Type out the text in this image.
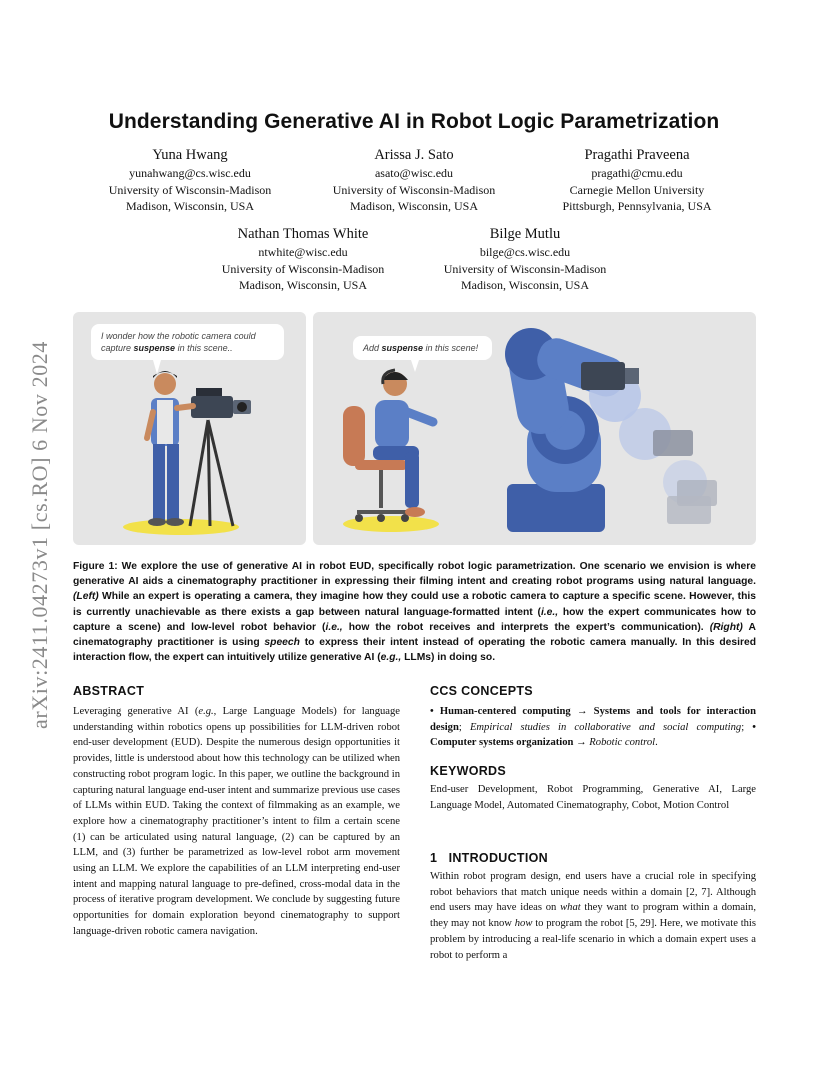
Understanding Generative AI in Robot Logic Parametrization
Yuna Hwang
yunahwang@cs.wisc.edu
University of Wisconsin-Madison
Madison, Wisconsin, USA
Arissa J. Sato
asato@wisc.edu
University of Wisconsin-Madison
Madison, Wisconsin, USA
Pragathi Praveena
pragathi@cmu.edu
Carnegie Mellon University
Pittsburgh, Pennsylvania, USA
Nathan Thomas White
ntwhite@wisc.edu
University of Wisconsin-Madison
Madison, Wisconsin, USA
Bilge Mutlu
bilge@cs.wisc.edu
University of Wisconsin-Madison
Madison, Wisconsin, USA
arXiv:2411.04273v1 [cs.RO] 6 Nov 2024
I wonder how the robotic camera could
capture suspense in this scene..	Add suspense in this scene!
Figure 1: We explore the use of generative AI in robot EUD, specifically robot logic parametrization. One scenario we envision is where generative AI aids a cinematography practitioner in expressing their filming intent and creating robot programs using natural language. (Left) While an expert is operating a camera, they imagine how they could use a robotic camera to capture a specific scene. However, this is currently unachievable as there exists a gap between natural language-formatted intent (i.e., how the expert communicates how to capture a scene) and low-level robot behavior (i.e., how the robot receives and interprets the expert’s communication). (Right) A cinematography practitioner is using speech to express their intent instead of operating the robotic camera manually. In this desired interaction flow, the expert can intuitively utilize generative AI (e.g., LLMs) in doing so.
ABSTRACT
Leveraging generative AI (e.g., Large Language Models) for language understanding within robotics opens up possibilities for LLM-driven robot end-user development (EUD). Despite the numerous design opportunities it provides, little is understood about how this technology can be utilized when constructing robot program logic. In this paper, we outline the background in capturing natural language end-user intent and summarize previous use cases of LLMs within EUD. Taking the context of filmmaking as an example, we explore how a cinematography practitioner’s intent to film a certain scene (1) can be articulated using natural language, (2) can be captured by an LLM, and (3) further be parametrized as low-level robot arm movement using an LLM. We explore the capabilities of an LLM interpreting end-user intent and mapping natural language to pre-defined, cross-modal data in the process of iterative program development. We conclude by suggesting future opportunities for domain exploration beyond cinematography to support language-driven robotic camera navigation.
CCS CONCEPTS
• Human-centered computing → Systems and tools for interaction design; Empirical studies in collaborative and social computing; • Computer systems organization → Robotic control.
KEYWORDS
End-user Development, Robot Programming, Generative AI, Large Language Model, Automated Cinematography, Cobot, Motion Control
1   INTRODUCTION
Within robot program design, end users have a crucial role in specifying robot behaviors that match unique needs within a domain [2, 7]. Although end users may have ideas on what they want to program within a domain, they may not know how to program the robot [5, 29]. Here, we motivate this problem by introducing a real-life scenario in which a domain expert uses a robot to perform a
